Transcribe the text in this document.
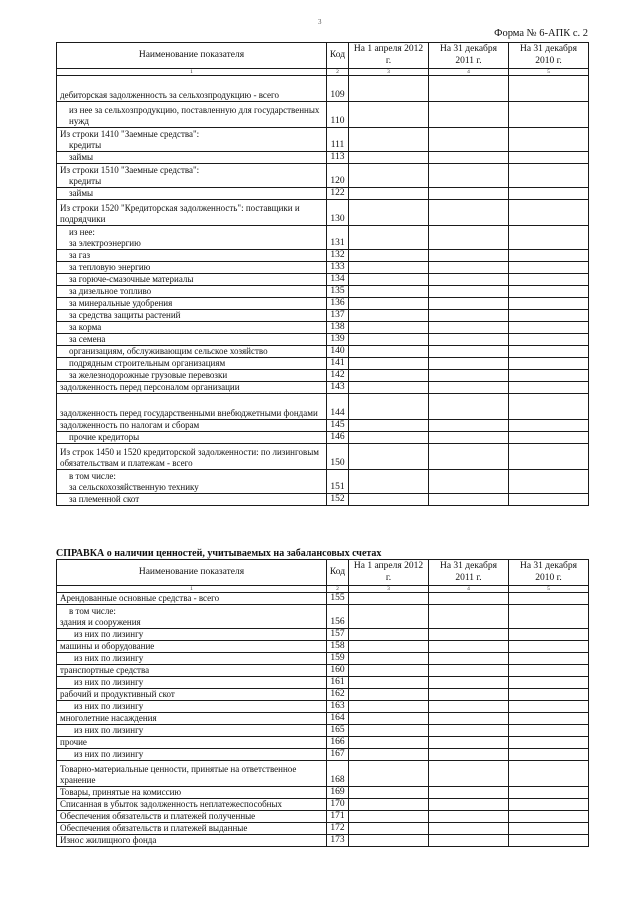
3
Форма № 6-АПК с. 2
Наименование показателя	Код	На 1 апреля 2012 г.	На 31 декабря 2011 г.	На 31 декабря 2010 г.
1	2	3	4	5
дебиторская задолженность за сельхозпродукцию - всего	109			
из нее за сельхозпродукцию, поставленную для государственных нужд	110			
Из строки 1410 "Заемные средства":				
кредиты	111			
займы	113			
Из строки 1510 "Заемные средства":				
кредиты	120			
займы	122			
Из строки 1520 "Кредиторская задолженность": поставщики и подрядчики	130			
из нее:				
за электроэнергию	131			
за газ	132			
за тепловую энергию	133			
за горюче-смазочные материалы	134			
за дизельное топливо	135			
за минеральные удобрения	136			
за средства защиты растений	137			
за корма	138			
за семена	139			
организациям, обслуживающим сельское хозяйство	140			
подрядным строительным организациям	141			
за железнодорожные грузовые перевозки	142			
задолженность перед персоналом организации	143			
задолженность перед государственными внебюджетными фондами	144			
задолженность по налогам и сборам	145			
прочие кредиторы	146			
Из строк 1450 и 1520 кредиторской задолженности: по лизинговым обязательствам и платежам - всего	150			
в том числе:				
за сельскохозяйственную технику	151			
за племенной скот	152			
СПРАВКА о наличии ценностей, учитываемых на забалансовых счетах
Наименование показателя	Код	На 1 апреля 2012 г.	На 31 декабря 2011 г.	На 31 декабря 2010 г.
1	2	3	4	5
Арендованные основные средства - всего	155			
в том числе:				
здания и сооружения	156			
из них по лизингу	157			
машины и оборудование	158			
из них по лизингу	159			
транспортные средства	160			
из них по лизингу	161			
рабочий и продуктивный скот	162			
из них по лизингу	163			
многолетние насаждения	164			
из них по лизингу	165			
прочие	166			
из них по лизингу	167			
Товарно-материальные ценности, принятые на ответственное хранение	168			
Товары, принятые на комиссию	169			
Списанная в убыток задолженность неплатежеспособных	170			
Обеспечения обязательств и платежей полученные	171			
Обеспечения обязательств и платежей выданные	172			
Износ жилищного фонда	173			
